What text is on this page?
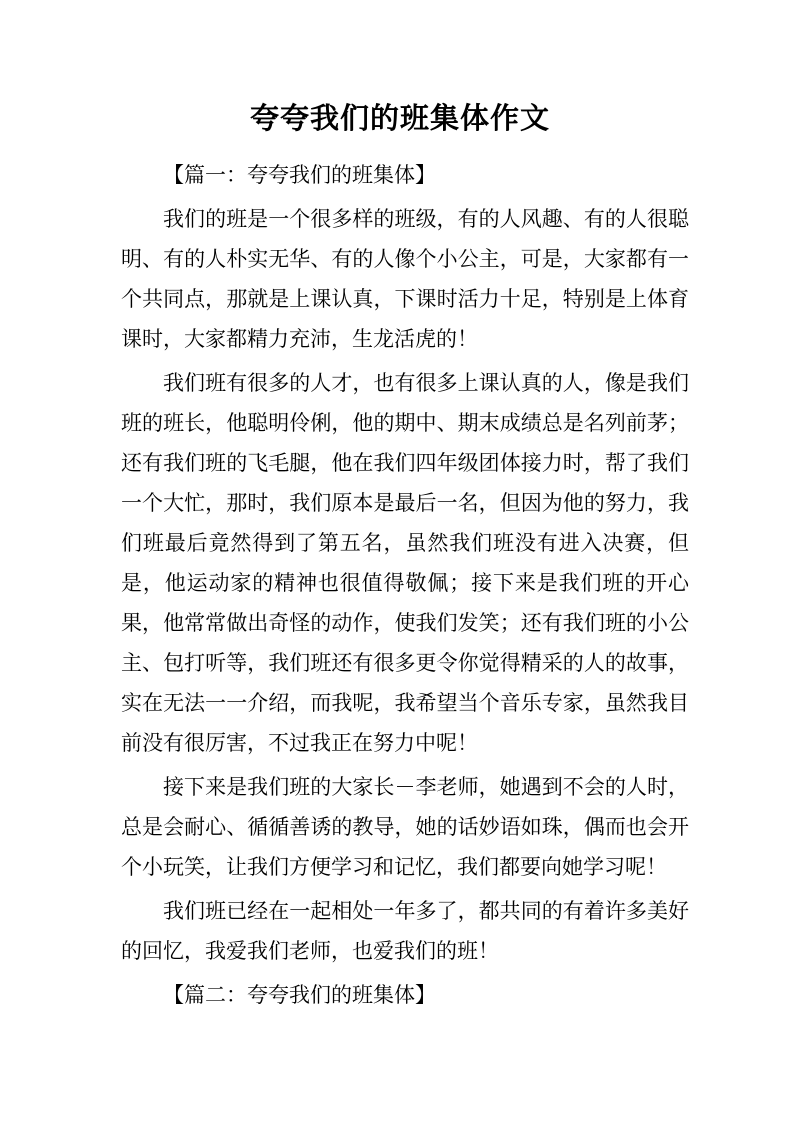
夸夸我们的班集体作文

【篇一：夸夸我们的班集体】

我们的班是一个很多样的班级，有的人风趣、有的人很聪明、有的人朴实无华、有的人像个小公主，可是，大家都有一个共同点，那就是上课认真，下课时活力十足，特别是上体育课时，大家都精力充沛，生龙活虎的！

我们班有很多的人才，也有很多上课认真的人，像是我们班的班长，他聪明伶俐，他的期中、期末成绩总是名列前茅；还有我们班的飞毛腿，他在我们四年级团体接力时，帮了我们一个大忙，那时，我们原本是最后一名，但因为他的努力，我们班最后竟然得到了第五名，虽然我们班没有进入决赛，但是，他运动家的精神也很值得敬佩；接下来是我们班的开心果，他常常做出奇怪的动作，使我们发笑；还有我们班的小公主、包打听等，我们班还有很多更令你觉得精采的人的故事，实在无法一一介绍，而我呢，我希望当个音乐专家，虽然我目前没有很厉害，不过我正在努力中呢！

接下来是我们班的大家长－李老师，她遇到不会的人时，总是会耐心、循循善诱的教导，她的话妙语如珠，偶而也会开个小玩笑，让我们方便学习和记忆，我们都要向她学习呢！

我们班已经在一起相处一年多了，都共同的有着许多美好的回忆，我爱我们老师，也爱我们的班！

【篇二：夸夸我们的班集体】
